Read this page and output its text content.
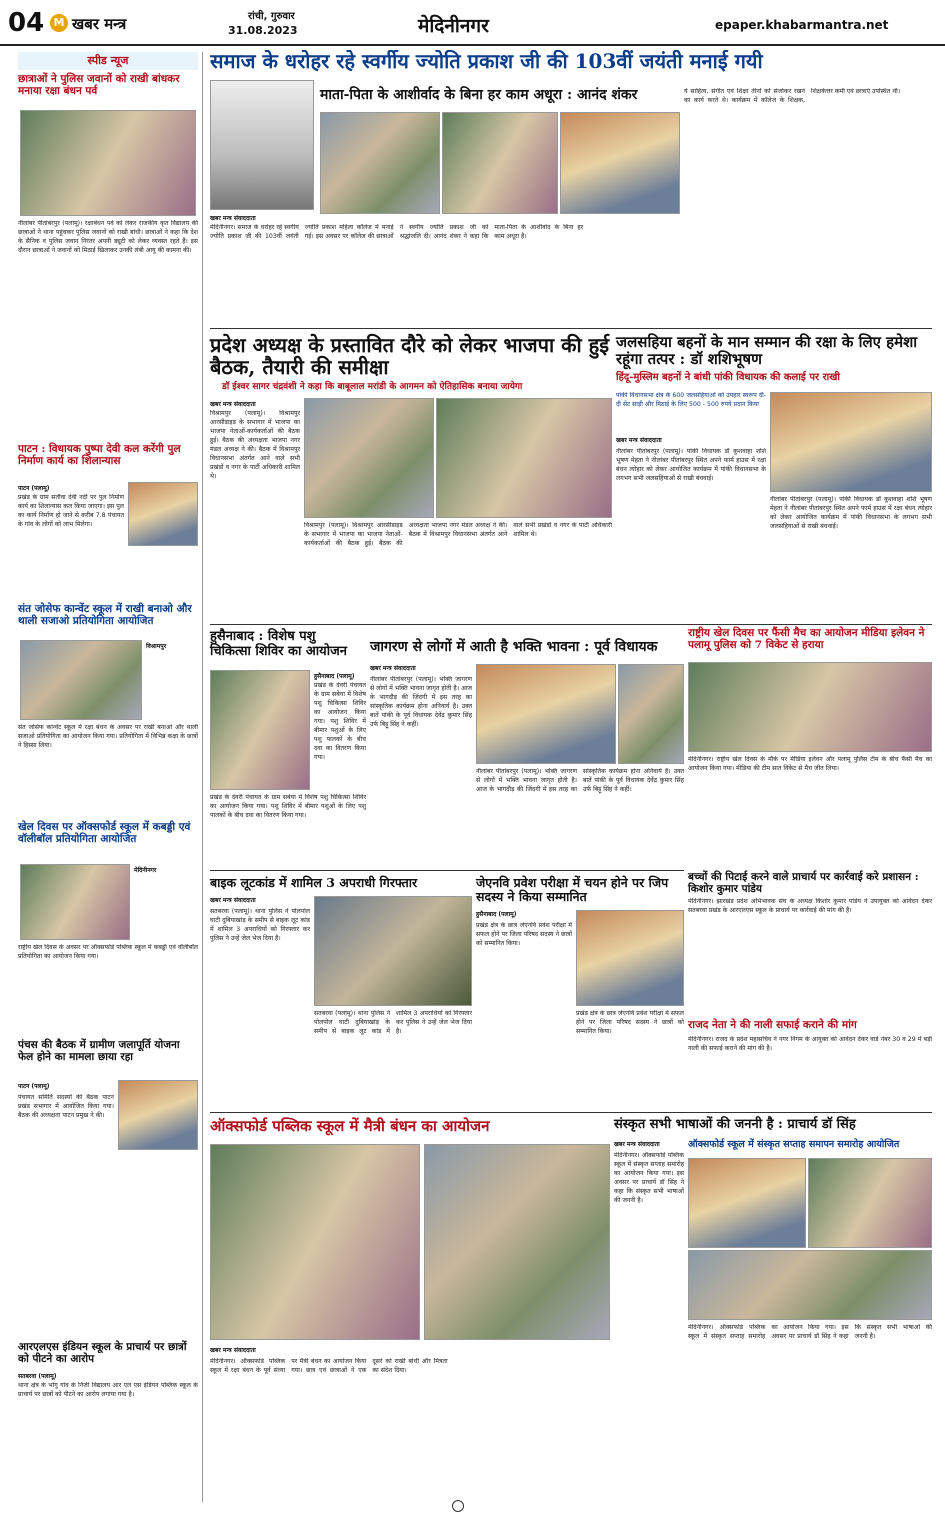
04 M खबर मन्त्र	रांची, गुरुवार
31.08.2023	मेदिनीनगर	epaper.khabarmantra.net
स्पीड न्यूज
छात्राओं ने पुलिस जवानों को राखी बांधकर मनाया रक्षा बंधन पर्व
नीलांबर पीतांबरपुर (पलामू)। रक्षाबंधन पर्व को लेकर राजकीय कृत विद्यालय की छात्राओं ने थाना पहुंचकर पुलिस जवानों को राखी बांधी। छात्राओं ने कहा कि देश के सैनिक व पुलिस जवान निरंतर अपनी ड्यूटी को लेकर व्यवस्त रहते हैं। इस दौरान छात्राओं ने जवानों को मिठाई खिलाकर उनकी लंबी आयु की कामना की।
पाटन : विधायक पुष्पा देवी कल करेंगी पुल निर्माण कार्य का शिलान्यास
पाटन (पलामू)
प्रखंड के ग्राम सतौवा देवी नदी पर पुल निर्माण कार्य का शिलान्यास कल किया जाएगा। इस पुल का कार्य निर्माण हो जाने से करीब 7.8 पंचायत के गांव के लोगों को लाभ मिलेगा।
संत जोसेफ कान्वेंट स्कूल में राखी बनाओ और थाली सजाओ प्रतियोगिता आयोजित
विश्रामपुर
संत जोसेफ कान्वेंट स्कूल में रक्षा बंधन के अवसर पर राखी बनाओ और थाली सजाओ प्रतियोगिता का आयोजन किया गया। प्रतियोगिता में विभिन्न कक्षा के छात्रों ने हिस्सा लिया।
खेल दिवस पर ऑक्सफोर्ड स्कूल में कबड्डी एवं वॉलीबॉल प्रतियोगिता आयोजित
मेदिनीनगर
राष्ट्रीय खेल दिवस के अवसर पर ऑक्सफोर्ड पब्लिक स्कूल में कबड्डी एवं वॉलीबॉल प्रतियोगिता का आयोजन किया गया।
पंचस की बैठक में ग्रामीण जलापूर्ति योजना फेल होने का मामला छाया रहा
पाटन (पलामू)
पंचायत समिति सदस्यों की बैठक पाटन प्रखंड सभागार में आयोजित किया गया। बैठक की अध्यक्षता पाटन प्रमुख ने की।
आरएलएस इंडियन स्कूल के प्राचार्य पर छात्रों को पीटने का आरोप
सतबरवा (पलामू)
थाना क्षेत्र के भोगु गांव के निजी विद्यालय आर एल एस इंडियन पब्लिक स्कूल के प्राचार्य पर छात्रों को पीटने का आरोप लगाया गया है।
समाज के धरोहर रहे स्वर्गीय ज्योति प्रकाश जी की 103वीं जयंती मनाई गयी
माता-पिता के आशीर्वाद के बिना हर काम अधूरा : आनंद शंकर
खबर मन्त्र संवाददाता
मेदिनीनगर। समाज के धरोहर रहे स्वर्गीय ज्योति प्रकाश जी की 103वीं जयंती ज्योति प्रकाश महिला कॉलेज में मनाई गई। इस अवसर पर कॉलेज की छात्राओं ने स्वर्गीय ज्योति प्रकाश जी को श्रद्धांजलि दी। आनंद शंकर ने कहा कि माता-पिता के आशीर्वाद के बिना हर काम अधूरा है।
ये साहित्य, संगीत एवं शिक्षा तीनों को संजोकर रखने का कार्य करते थे। कार्यक्रम में कॉलेज के शिक्षक, शिक्षकेत्तर कर्मी एवं छात्राएं उपस्थित थीं।
प्रदेश अध्यक्ष के प्रस्तावित दौरे को लेकर भाजपा की हुई बैठक, तैयारी की समीक्षा
डॉ ईश्वर सागर चंद्रवंशी ने कहा कि बाबूलाल मरांडी के आगमन को ऐतिहासिक बनाया जायेगा
खबर मन्त्र संवाददाता
विश्रामपुर (पलामू)। विश्रामपुर आरसीडाइड के सभागार में भाजपा का भाजपा नेताओं-कार्यकर्ताओं की बैठक हुई। बैठक की अध्यक्षता भाजपा नगर मंडल अध्यक्ष ने की। बैठक में विश्रामपुर विधानसभा अंतर्गत आने वाले सभी प्रखंडों व नगर के पार्टी अधिकारी शामिल थे।
विश्रामपुर (पलामू)। विश्रामपुर आरसीडाइड के सभागार में भाजपा का भाजपा नेताओं-कार्यकर्ताओं की बैठक हुई। बैठक की अध्यक्षता भाजपा नगर मंडल अध्यक्ष ने की। बैठक में विश्रामपुर विधानसभा अंतर्गत आने वाले सभी प्रखंडों व नगर के पार्टी अधिकारी शामिल थे।
जलसहिया बहनों के मान सम्मान की रक्षा के लिए हमेशा रहूंगा तत्पर : डॉ शशिभूषण
हिंदू-मुस्लिम बहनों ने बांधी पांकी विधायक की कलाई पर राखी
पांकी विधानसभा क्षेत्र के 600 जलसहियाओं को उपहार स्वरूप दी- दी सेट साड़ी और मिठाई के लिए 500 - 500 रुपये प्रदान किया
खबर मन्त्र संवाददाता
नीलांबर पीतांबरपुर (पलामू)। पांकी विधायक डॉ कुशवाहा शशि भूषण मेहता ने नीलांबर पीतांबरपुर स्थित अपने फार्म हाउस में रक्षा बंधन त्योहार को लेकर आयोजित कार्यक्रम में पांकी विधानसभा के लगभग सभी जलसहियाओं से राखी बंधवाई।
नीलांबर पीतांबरपुर (पलामू)। पांकी विधायक डॉ कुशवाहा शशि भूषण मेहता ने नीलांबर पीतांबरपुर स्थित अपने फार्म हाउस में रक्षा बंधन त्योहार को लेकर आयोजित कार्यक्रम में पांकी विधानसभा के लगभग सभी जलसहियाओं से राखी बंधवाई।
हुसैनाबाद : विशेष पशु चिकित्सा शिविर का आयोजन
हुसैनाबाद (पलामू)
प्रखंड के देवरी पंचायत के ग्राम सबेया में विशेष पशु चिकित्सा शिविर का आयोजन किया गया। पशु शिविर में बीमार पशुओं के लिए पशु पालकों के बीच दवा का वितरण किया गया।
प्रखंड के देवरी पंचायत के ग्राम सबेया में विशेष पशु चिकित्सा शिविर का आयोजन किया गया। पशु शिविर में बीमार पशुओं के लिए पशु पालकों के बीच दवा का वितरण किया गया।
जागरण से लोगों में आती है भक्ति भावना : पूर्व विधायक
खबर मन्त्र संवाददाता
नीलांबर पीतांबरपुर (पलामू)। भक्ति जागरण से लोगों में भक्ति भावना जागृत होती है। आज के भागदौड़ की जिंदगी में इस तरह का सांस्कृतिक कार्यक्रम होना अनिवार्य है। उक्त बातें पांकी के पूर्व विधायक देवेंद्र कुमार सिंह उर्फ बिट्टू सिंह ने कहीं।
नीलांबर पीतांबरपुर (पलामू)। भक्ति जागरण से लोगों में भक्ति भावना जागृत होती है। आज के भागदौड़ की जिंदगी में इस तरह का सांस्कृतिक कार्यक्रम होना अनिवार्य है। उक्त बातें पांकी के पूर्व विधायक देवेंद्र कुमार सिंह उर्फ बिट्टू सिंह ने कहीं।
राष्ट्रीय खेल दिवस पर फैंसी मैच का आयोजन मीडिया इलेवन ने पलामू पुलिस को 7 विकेट से हराया
मेदिनीनगर। राष्ट्रीय खेल दिवस के मौके पर मीडिया इलेवन और पलामू पुलिस टीम के बीच फैंसी मैच का आयोजन किया गया। मीडिया की टीम सात विकेट से मैच जीत लिया।
बाइक लूटकांड में शामिल 3 अपराधी गिरफ्तार
खबर मन्त्र संवाददाता
सतबरवा (पलामू)। थाना पुलिस ने पोलपोल घाटी दुबियाखांड़ के समीप से बाइक लूट कांड में शामिल 3 अपराधियों को गिरफ्तार कर पुलिस ने उन्हें जेल भेज दिया है।
सतबरवा (पलामू)। थाना पुलिस ने पोलपोल घाटी दुबियाखांड़ के समीप से बाइक लूट कांड में शामिल 3 अपराधियों को गिरफ्तार कर पुलिस ने उन्हें जेल भेज दिया है।
जेएनवि प्रवेश परीक्षा में चयन होने पर जिप सदस्य ने किया सम्मानित
हुसैनाबाद (पलामू)
प्रखंड क्षेत्र के छात्र जेएनवि प्रवेश परीक्षा में सफल होने पर जिला परिषद सदस्य ने छात्रों को सम्मानित किया।
प्रखंड क्षेत्र के छात्र जेएनवि प्रवेश परीक्षा में सफल होने पर जिला परिषद सदस्य ने छात्रों को सम्मानित किया।
बच्चों की पिटाई करने वाले प्राचार्य पर कार्रवाई करे प्रशासन : किशोर कुमार पांडेय
मेदिनीनगर। झारखंड प्रदेश अभिभावक संघ के अध्यक्ष किशोर कुमार पांडेय ने उपायुक्त को आवेदन देकर सतबरवा प्रखंड के आरएलएस स्कूल के प्राचार्य पर कार्रवाई की मांग की है।
राजद नेता ने की नाली सफाई कराने की मांग
मेदिनीनगर। राजद के प्रदेश महासचिव ने नगर निगम के आयुक्त को आवेदन देकर वार्ड नंबर 30 व 29 में बड़ी नाली की सफाई कराने की मांग की है।
ऑक्सफोर्ड पब्लिक स्कूल में मैत्री बंधन का आयोजन
खबर मन्त्र संवाददाता
मेदिनीनगर। ऑक्सफोर्ड पब्लिक स्कूल में रक्षा बंधन के पूर्व संध्या पर मैत्री बंधन का आयोजन किया गया। छात्र एवं छात्राओं ने एक दूसरे को राखी बांधी और मित्रता का संदेश दिया।
संस्कृत सभी भाषाओं की जननी है : प्राचार्य डॉ सिंह
खबर मन्त्र संवाददाता
मेदिनीनगर। ऑक्सफोर्ड पब्लिक स्कूल में संस्कृत सप्ताह समारोह का आयोजन किया गया। इस अवसर पर प्राचार्य डॉ सिंह ने कहा कि संस्कृत सभी भाषाओं की जननी है।
ऑक्सफोर्ड स्कूल में संस्कृत सप्ताह समापन समारोह आयोजित
मेदिनीनगर। ऑक्सफोर्ड पब्लिक स्कूल में संस्कृत सप्ताह समारोह का आयोजन किया गया। इस अवसर पर प्राचार्य डॉ सिंह ने कहा कि संस्कृत सभी भाषाओं की जननी है।
